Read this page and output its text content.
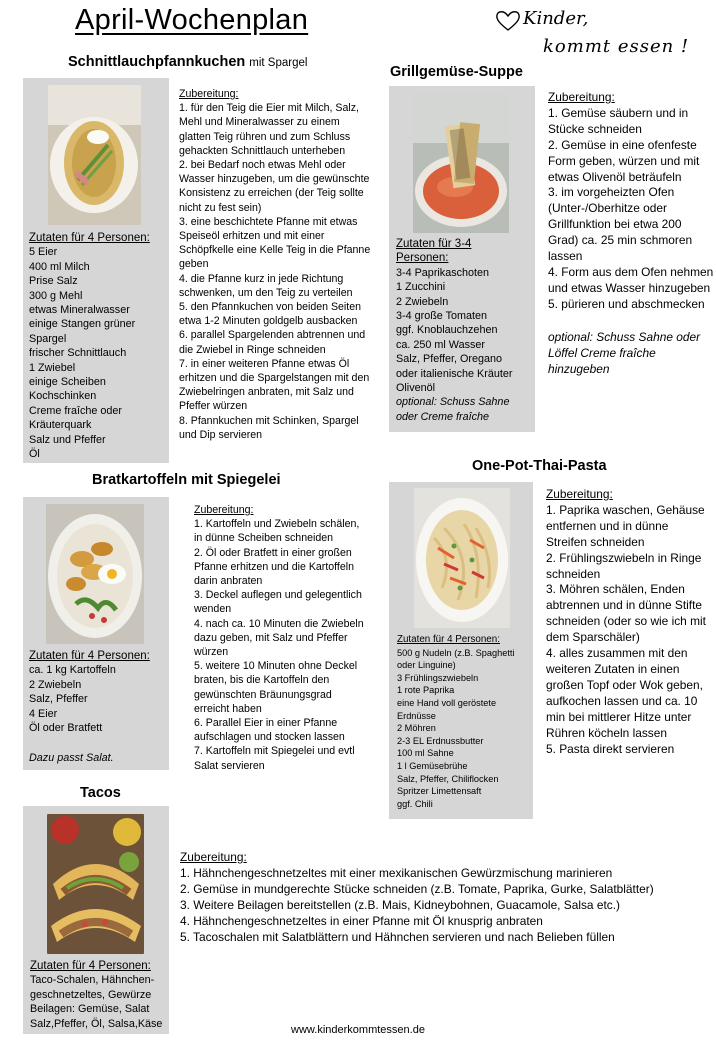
April-Wochenplan	Kinder,
kommt essen !
Schnittlauchpfannkuchen mit Spargel
Zutaten für 4 Personen:
5 Eier
400 ml Milch
Prise Salz
300 g Mehl
etwas Mineralwasser
einige Stangen grüner
Spargel
frischer Schnittlauch
1 Zwiebel
einige Scheiben
Kochschinken
Creme fraîche oder
Kräuterquark
Salz und Pfeffer
Öl
Zubereitung:
1. für den Teig die Eier mit Milch, Salz,
Mehl und Mineralwasser zu einem
glatten Teig rühren und zum Schluss
gehackten Schnittlauch unterheben
2. bei Bedarf noch etwas Mehl oder
Wasser hinzugeben, um die gewünschte
Konsistenz zu erreichen (der Teig sollte
nicht zu fest sein)
3. eine beschichtete Pfanne mit etwas
Speiseöl erhitzen und mit einer
Schöpfkelle eine Kelle Teig in die Pfanne
geben
4. die Pfanne kurz in jede Richtung
schwenken, um den Teig zu verteilen
5. den Pfannkuchen von beiden Seiten
etwa 1-2 Minuten goldgelb ausbacken
6. parallel Spargelenden abtrennen und
die Zwiebel in Ringe schneiden
7. in einer weiteren Pfanne etwas Öl
erhitzen und die Spargelstangen mit den
Zwiebelringen anbraten, mit Salz und
Pfeffer würzen
8. Pfannkuchen mit Schinken, Spargel
und Dip servieren
Grillgemüse-Suppe
Zutaten für 3-4
Personen:
3-4 Paprikaschoten
1 Zucchini
2 Zwiebeln
3-4 große Tomaten
ggf. Knoblauchzehen
ca. 250 ml Wasser
Salz, Pfeffer, Oregano
oder italienische Kräuter
Olivenöl
optional: Schuss Sahne
oder Creme fraîche
Zubereitung:
1. Gemüse säubern und in
Stücke schneiden
2. Gemüse in eine ofenfeste
Form geben, würzen und mit
etwas Olivenöl beträufeln
3. im vorgeheizten Ofen
(Unter-/Oberhitze oder
Grillfunktion bei etwa 200
Grad) ca. 25 min schmoren
lassen
4. Form aus dem Ofen nehmen
und etwas Wasser hinzugeben
5. pürieren und abschmecken
optional: Schuss Sahne oder
Löffel Creme fraîche
hinzugeben
Bratkartoffeln mit Spiegelei
Zutaten für 4 Personen:
ca. 1 kg Kartoffeln
2 Zwiebeln
Salz, Pfeffer
4 Eier
Öl oder Bratfett
Dazu passt Salat.
Zubereitung:
1. Kartoffeln und Zwiebeln schälen,
in dünne Scheiben schneiden
2. Öl oder Bratfett in einer großen
Pfanne erhitzen und die Kartoffeln
darin anbraten
3. Deckel auflegen und gelegentlich
wenden
4. nach ca. 10 Minuten die Zwiebeln
dazu geben, mit Salz und Pfeffer
würzen
5. weitere 10 Minuten ohne Deckel
braten, bis die Kartoffeln den
gewünschten Bräunungsgrad
erreicht haben
6. Parallel Eier in einer Pfanne
aufschlagen und stocken lassen
7. Kartoffeln mit Spiegelei und evtl
Salat servieren
One-Pot-Thai-Pasta
Zutaten für 4 Personen:
500 g Nudeln (z.B. Spaghetti
oder Linguine)
3 Frühlingszwiebeln
1 rote Paprika
eine Hand voll geröstete
Erdnüsse
2 Möhren
2-3 EL Erdnussbutter
100 ml Sahne
1 l Gemüsebrühe
Salz, Pfeffer, Chiliflocken
Spritzer Limettensaft
ggf. Chili
Zubereitung:
1. Paprika waschen, Gehäuse
entfernen und in dünne
Streifen schneiden
2. Frühlingszwiebeln in Ringe
schneiden
3. Möhren schälen, Enden
abtrennen und in dünne Stifte
schneiden (oder so wie ich mit
dem Sparschäler)
4. alles zusammen mit den
weiteren Zutaten in einen
großen Topf oder Wok geben,
aufkochen lassen und ca. 10
min bei mittlerer Hitze unter
Rühren köcheln lassen
5. Pasta direkt servieren
Tacos
Zutaten für 4 Personen:
Taco-Schalen, Hähnchen-
geschnetzeltes, Gewürze
Beilagen: Gemüse, Salat
Salz,Pfeffer, Öl, Salsa,Käse
Zubereitung:
1. Hähnchengeschnetzeltes mit einer mexikanischen Gewürzmischung marinieren
2. Gemüse in mundgerechte Stücke schneiden (z.B. Tomate, Paprika, Gurke, Salatblätter)
3. Weitere Beilagen bereitstellen (z.B. Mais, Kidneybohnen, Guacamole, Salsa etc.)
4. Hähnchengeschnetzeltes in einer Pfanne mit Öl knusprig anbraten
5. Tacoschalen mit Salatblättern und Hähnchen servieren und nach Belieben füllen
www.kinderkommtessen.de
